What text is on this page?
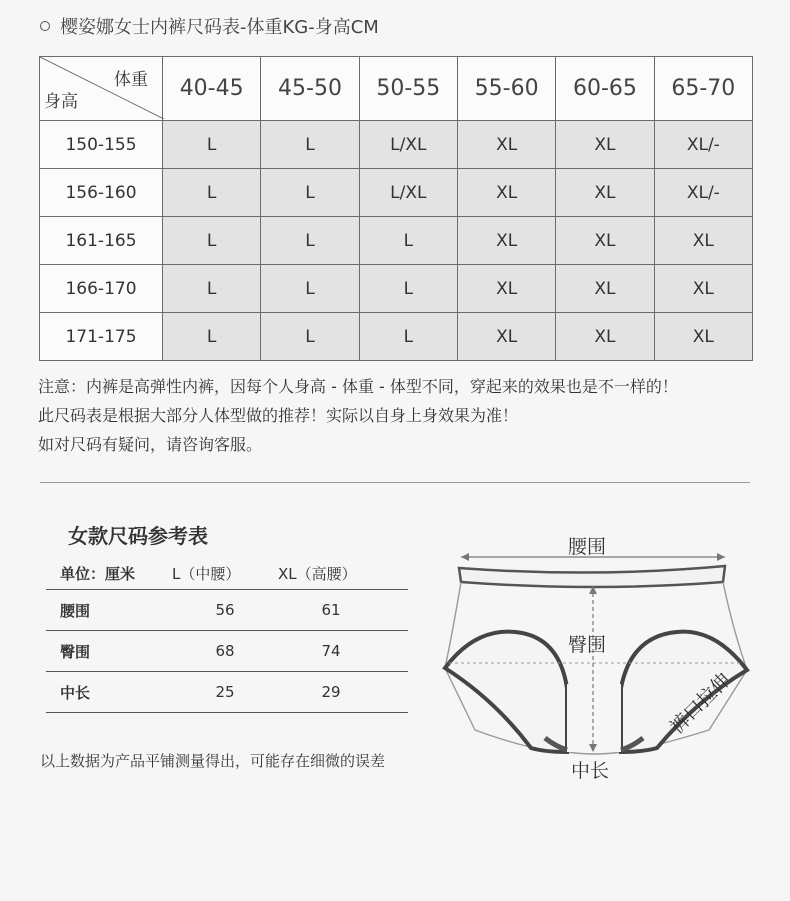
樱姿娜女士内裤尺码表-体重KG-身高CM
体重
身高	40-45	45-50	50-55	55-60	60-65	65-70
150-155	L	L	L/XL	XL	XL	XL/-
156-160	L	L	L/XL	XL	XL	XL/-
161-165	L	L	L	XL	XL	XL
166-170	L	L	L	XL	XL	XL
171-175	L	L	L	XL	XL	XL
注意：内裤是高弹性内裤，因每个人身高 - 体重 - 体型不同，穿起来的效果也是不一样的！
此尺码表是根据大部分人体型做的推荐！实际以自身上身效果为准！
如对尺码有疑问，请咨询客服。
女款尺码参考表
单位：厘米	L（中腰）	XL（高腰）
腰围	56	61
臀围	68	74
中长	25	29
以上数据为产品平铺测量得出，可能存在细微的误差
腰围
臀围
中长
裤口拉伸
